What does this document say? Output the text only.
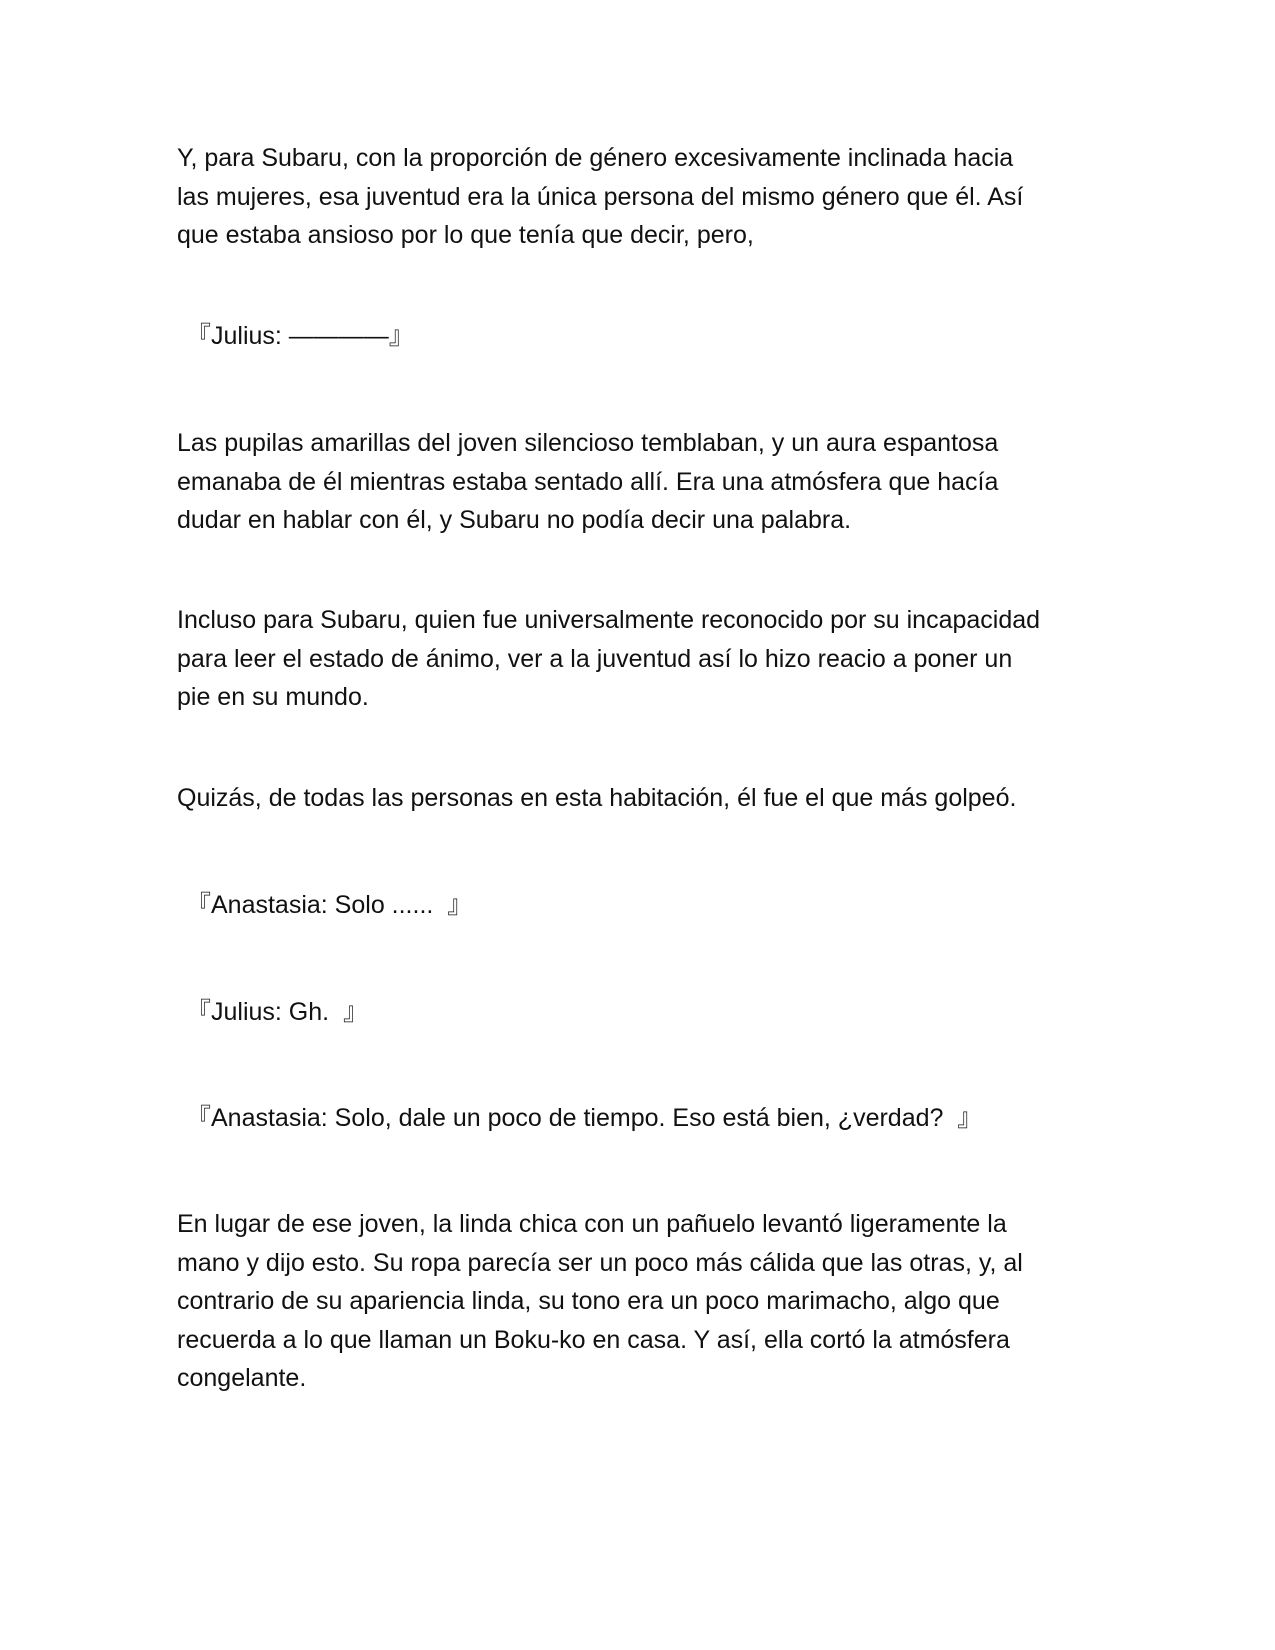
Y, para Subaru, con la proporción de género excesivamente inclinada hacia
las mujeres, esa juventud era la única persona del mismo género que él. Así
que estaba ansioso por lo que tenía que decir, pero,
『Julius: ————』
Las pupilas amarillas del joven silencioso temblaban, y un aura espantosa
emanaba de él mientras estaba sentado allí. Era una atmósfera que hacía
dudar en hablar con él, y Subaru no podía decir una palabra.
Incluso para Subaru, quien fue universalmente reconocido por su incapacidad
para leer el estado de ánimo, ver a la juventud así lo hizo reacio a poner un
pie en su mundo.
Quizás, de todas las personas en esta habitación, él fue el que más golpeó.
『Anastasia: Solo ......  』
『Julius: Gh.  』
『Anastasia: Solo, dale un poco de tiempo. Eso está bien, ¿verdad?  』
En lugar de ese joven, la linda chica con un pañuelo levantó ligeramente la
mano y dijo esto. Su ropa parecía ser un poco más cálida que las otras, y, al
contrario de su apariencia linda, su tono era un poco marimacho, algo que
recuerda a lo que llaman un Boku-ko en casa. Y así, ella cortó la atmósfera
congelante.
